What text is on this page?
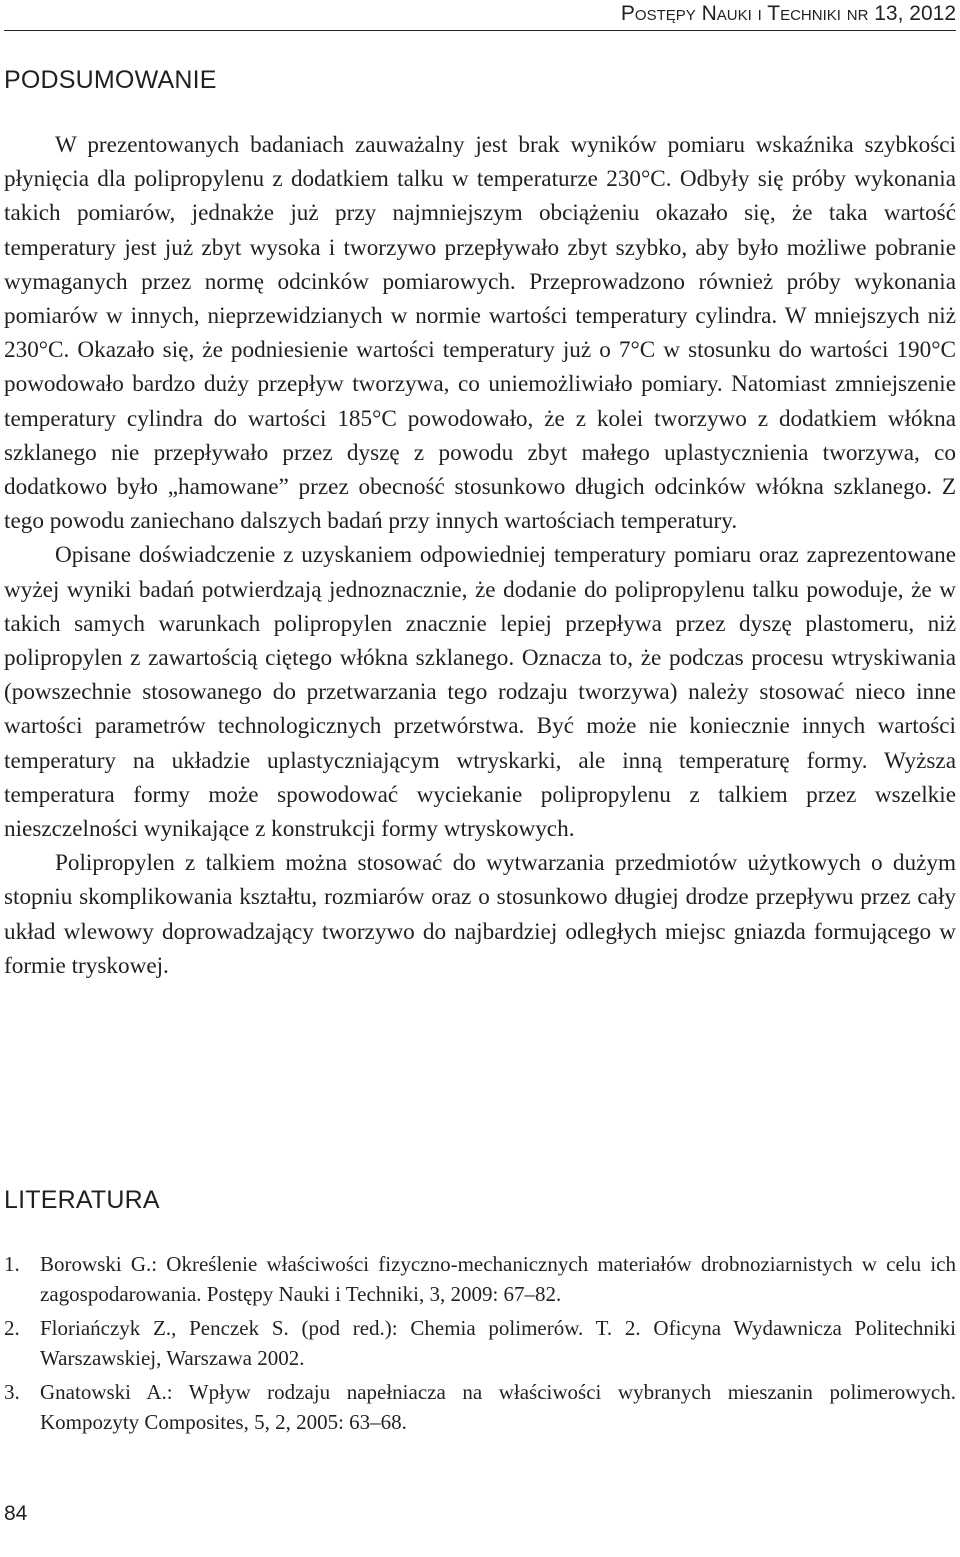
Postępy Nauki i Techniki nr 13, 2012
PODSUMOWANIE

W prezentowanych badaniach zauważalny jest brak wyników pomiaru wskaźnika szybkości płynięcia dla polipropylenu z dodatkiem talku w temperaturze 230°C. Odbyły się próby wykonania takich pomiarów, jednakże już przy najmniejszym obciążeniu okazało się, że taka wartość temperatury jest już zbyt wysoka i tworzywo przepływało zbyt szybko, aby było możliwe pobranie wymaganych przez normę odcinków pomiarowych. Przeprowadzono również próby wykonania pomiarów w innych, nieprzewidzianych w normie wartości temperatury cylindra. W mniejszych niż 230°C. Okazało się, że podniesienie wartości temperatury już o 7°C w stosunku do wartości 190°C powodowało bardzo duży przepływ tworzywa, co uniemożliwiało pomiary. Natomiast zmniejszenie temperatury cylindra do wartości 185°C powodowało, że z kolei tworzywo z dodatkiem włókna szklanego nie przepływało przez dyszę z powodu zbyt małego uplastycznienia tworzywa, co dodatkowo było „hamowane” przez obecność stosunkowo długich odcinków włókna szklanego. Z tego powodu zaniechano dalszych badań przy innych wartościach temperatury.

Opisane doświadczenie z uzyskaniem odpowiedniej temperatury pomiaru oraz zaprezentowane wyżej wyniki badań potwierdzają jednoznacznie, że dodanie do polipropylenu talku powoduje, że w takich samych warunkach polipropylen znacznie lepiej przepływa przez dyszę plastomeru, niż polipropylen z zawartością ciętego włókna szklanego. Oznacza to, że podczas procesu wtryskiwania (powszechnie stosowanego do przetwarzania tego rodzaju tworzywa) należy stosować nieco inne wartości parametrów technologicznych przetwórstwa. Być może nie koniecznie innych wartości temperatury na układzie uplastyczniającym wtryskarki, ale inną temperaturę formy. Wyższa temperatura formy może spowodować wyciekanie polipropylenu z talkiem przez wszelkie nieszczelności wynikające z konstrukcji formy wtryskowych.

Polipropylen z talkiem można stosować do wytwarzania przedmiotów użytkowych o dużym stopniu skomplikowania kształtu, rozmiarów oraz o stosunkowo długiej drodze przepływu przez cały układ wlewowy doprowadzający tworzywo do najbardziej odległych miejsc gniazda formującego w formie tryskowej.

LITERATURA
1. Borowski G.: Określenie właściwości fizyczno-mechanicznych materiałów drobnoziarnistych w celu ich zagospodarowania. Postępy Nauki i Techniki, 3, 2009: 67–82.
2. Floriańczyk Z., Penczek S. (pod red.): Chemia polimerów. T. 2. Oficyna Wydawnicza Politechniki Warszawskiej, Warszawa 2002.
3. Gnatowski A.: Wpływ rodzaju napełniacza na właściwości wybranych mieszanin polimerowych. Kompozyty Composites, 5, 2, 2005: 63–68.
84
